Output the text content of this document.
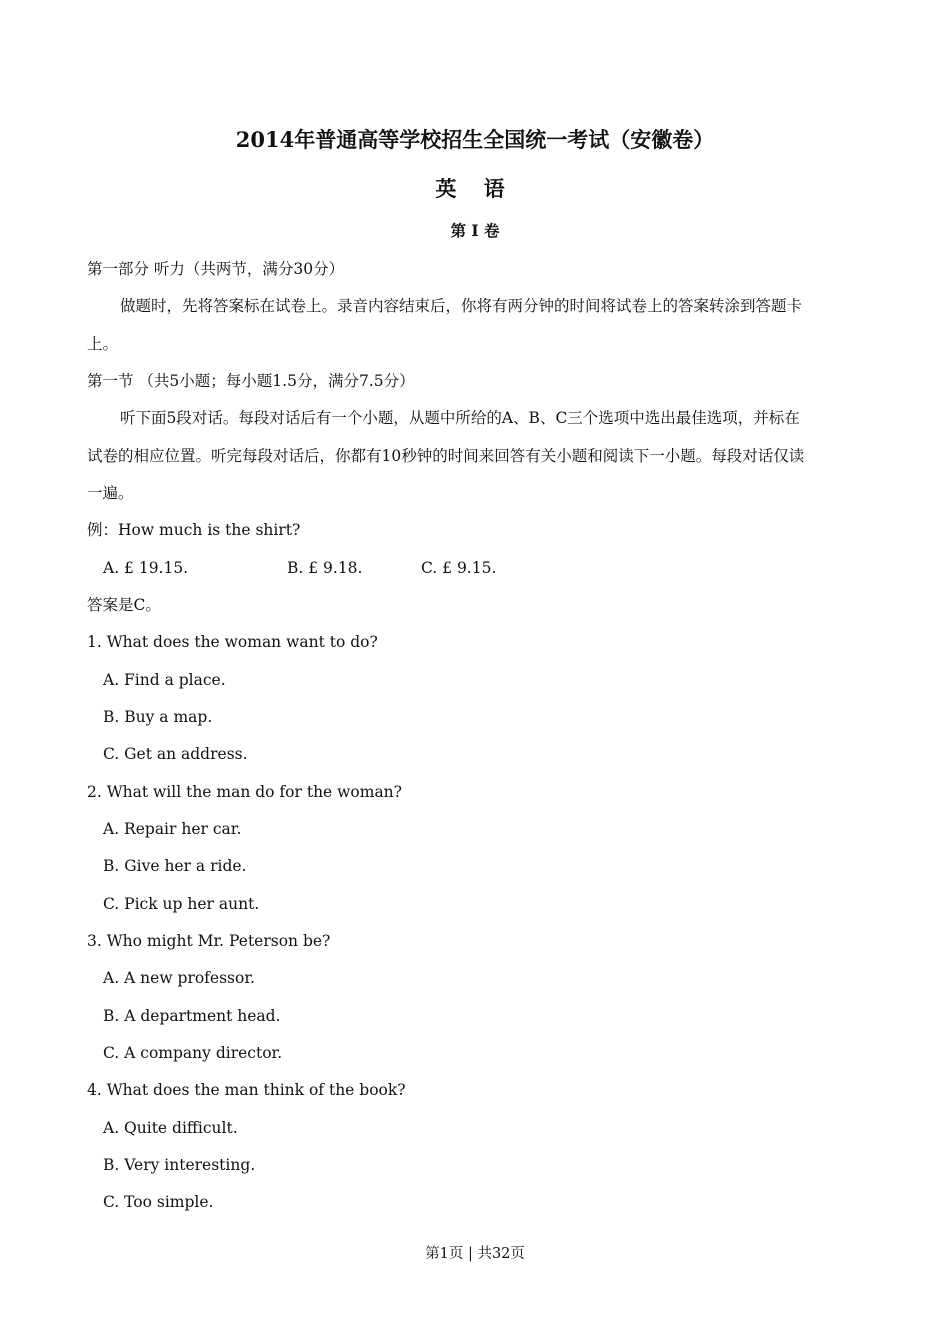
2014年普通高等学校招生全国统一考试（安徽卷）
英 语
第 I 卷
第一部分 听力（共两节，满分30分）
做题时，先将答案标在试卷上。录音内容结束后，你将有两分钟的时间将试卷上的答案转涂到答题卡
上。
第一节 （共5小题；每小题1.5分，满分7.5分）
听下面5段对话。每段对话后有一个小题，从题中所给的A、B、C三个选项中选出最佳选项，并标在
试卷的相应位置。听完每段对话后，你都有10秒钟的时间来回答有关小题和阅读下一小题。每段对话仅读
一遍。
例：How much is the shirt?
A. £ 19.15.	B. £ 9.18.	C. £ 9.15.
答案是C。
1. What does the woman want to do?
A. Find a place.
B. Buy a map.
C. Get an address.
2. What will the man do for the woman?
A. Repair her car.
B. Give her a ride.
C. Pick up her aunt.
3. Who might Mr. Peterson be?
A. A new professor.
B. A department head.
C. A company director.
4. What does the man think of the book?
A. Quite difficult.
B. Very interesting.
C. Too simple.
第1页 | 共32页
